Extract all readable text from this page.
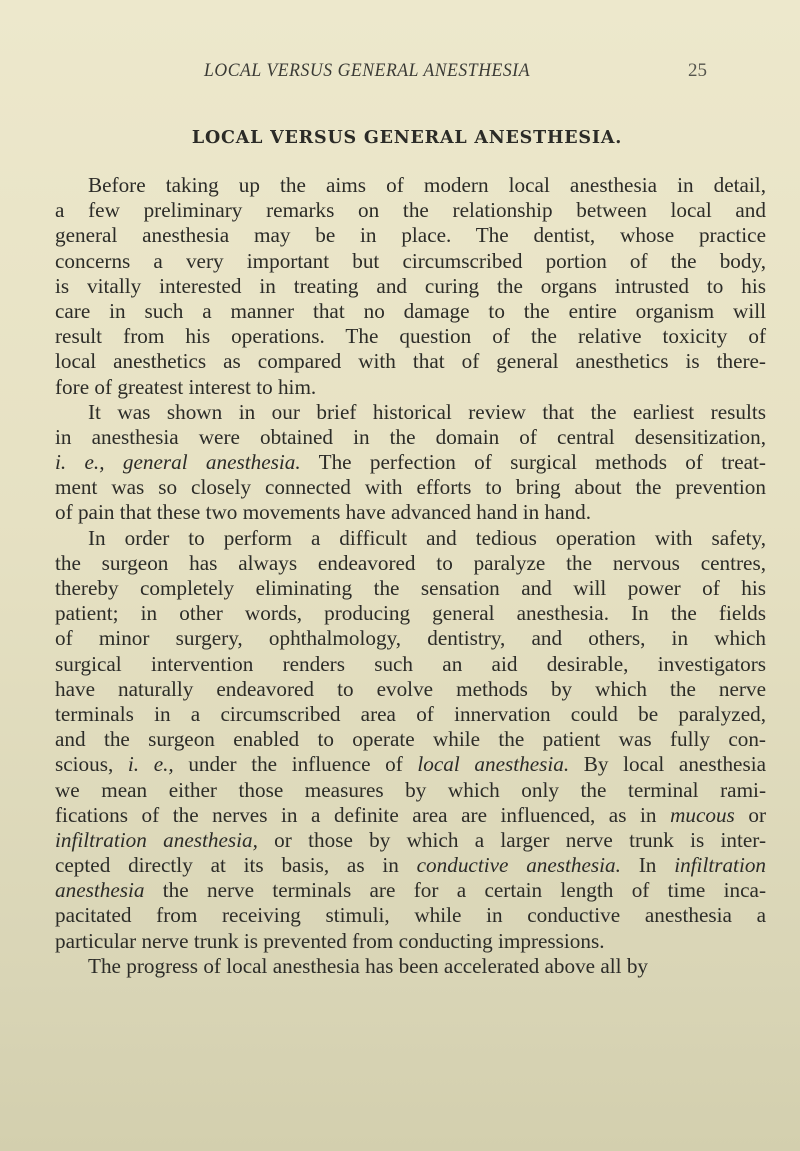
LOCAL VERSUS GENERAL ANESTHESIA	25
LOCAL VERSUS GENERAL ANESTHESIA.
Before taking up the aims of modern local anesthesia in detail,
a few preliminary remarks on the relationship between local and
general anesthesia may be in place. The dentist, whose practice
concerns a very important but circumscribed portion of the body,
is vitally interested in treating and curing the organs intrusted to his
care in such a manner that no damage to the entire organism will
result from his operations. The question of the relative toxicity of
local anesthetics as compared with that of general anesthetics is there-
fore of greatest interest to him.
It was shown in our brief historical review that the earliest results
in anesthesia were obtained in the domain of central desensitization,
i. e., general anesthesia. The perfection of surgical methods of treat-
ment was so closely connected with efforts to bring about the prevention
of pain that these two movements have advanced hand in hand.
In order to perform a difficult and tedious operation with safety,
the surgeon has always endeavored to paralyze the nervous centres,
thereby completely eliminating the sensation and will power of his
patient; in other words, producing general anesthesia. In the fields
of minor surgery, ophthalmology, dentistry, and others, in which
surgical intervention renders such an aid desirable, investigators
have naturally endeavored to evolve methods by which the nerve
terminals in a circumscribed area of innervation could be paralyzed,
and the surgeon enabled to operate while the patient was fully con-
scious, i. e., under the influence of local anesthesia. By local anesthesia
we mean either those measures by which only the terminal rami-
fications of the nerves in a definite area are influenced, as in mucous or
infiltration anesthesia, or those by which a larger nerve trunk is inter-
cepted directly at its basis, as in conductive anesthesia. In infiltration
anesthesia the nerve terminals are for a certain length of time inca-
pacitated from receiving stimuli, while in conductive anesthesia a
particular nerve trunk is prevented from conducting impressions.
The progress of local anesthesia has been accelerated above all by
